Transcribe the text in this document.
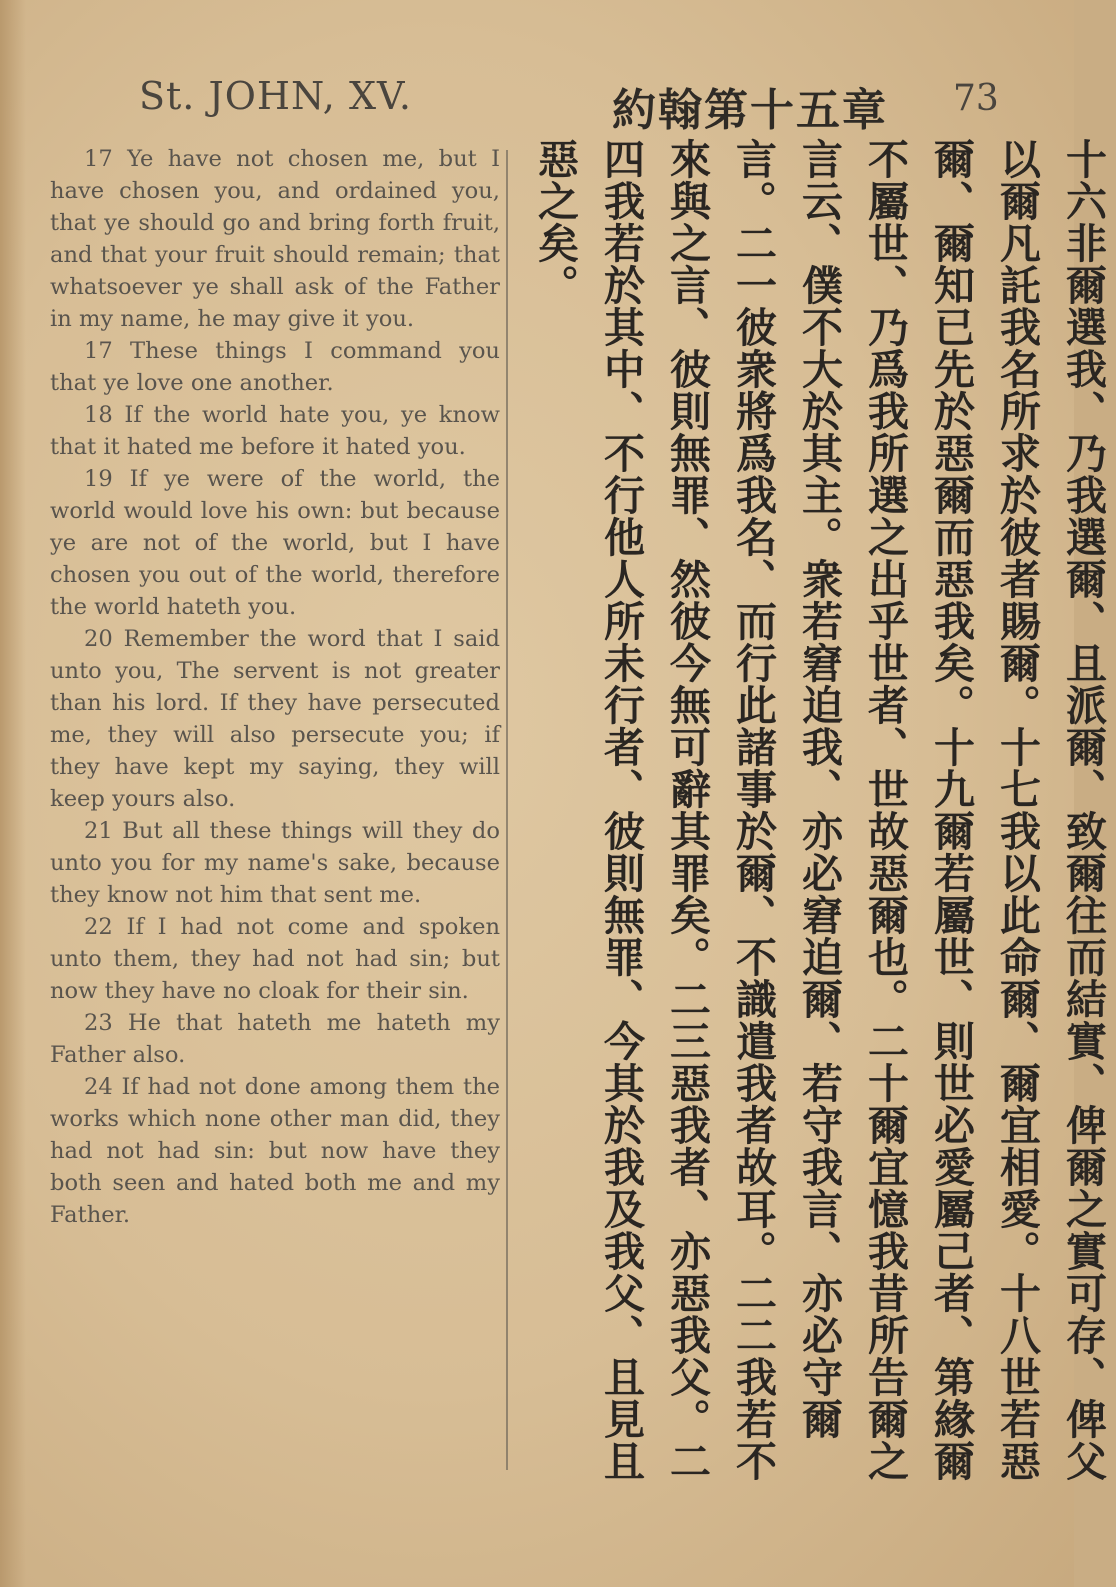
St. JOHN, XV.	約翰第十五章 73

17 Ye have not chosen me, but I have chosen you, and ordained you, that ye should go and bring forth fruit, and that your fruit should remain; that whatsoever ye shall ask of the Father in my name, he may give it you.

17 These things I command you that ye love one another.

18 If the world hate you, ye know that it hated me before it hated you.

19 If ye were of the world, the world would love his own: but because ye are not of the world, but I have chosen you out of the world, therefore the world hateth you.

20 Remember the word that I said unto you, The servent is not greater than his lord. If they have persecuted me, they will also persecute you; if they have kept my saying, they will keep yours also.

21 But all these things will they do unto you for my name's sake, because they know not him that sent me.

22 If I had not come and spoken unto them, they had not had sin; but now they have no cloak for their sin.

23 He that hateth me hateth my Father also.

24 If had not done among them the works which none other man did, they had not had sin: but now have they both seen and hated both me and my Father.	十六非爾選我、乃我選爾、且派爾、致爾往而結實、俾爾之實可存、俾父以爾凡託我名所求於彼者賜爾。十七我以此命爾、爾宜相愛。十八世若惡爾、爾知已先於惡爾而惡我矣。十九爾若屬世、則世必愛屬己者、第緣爾不屬世、乃爲我所選之出乎世者、世故惡爾也。二十爾宜憶我昔所告爾之言云、僕不大於其主。衆若窘迫我、亦必窘迫爾、若守我言、亦必守爾言。二一彼衆將爲我名、而行此諸事於爾、不識遣我者故耳。二二我若不來與之言、彼則無罪、然彼今無可辭其罪矣。二三惡我者、亦惡我父。二四我若於其中、不行他人所未行者、彼則無罪、今其於我及我父、且見且惡之矣。
